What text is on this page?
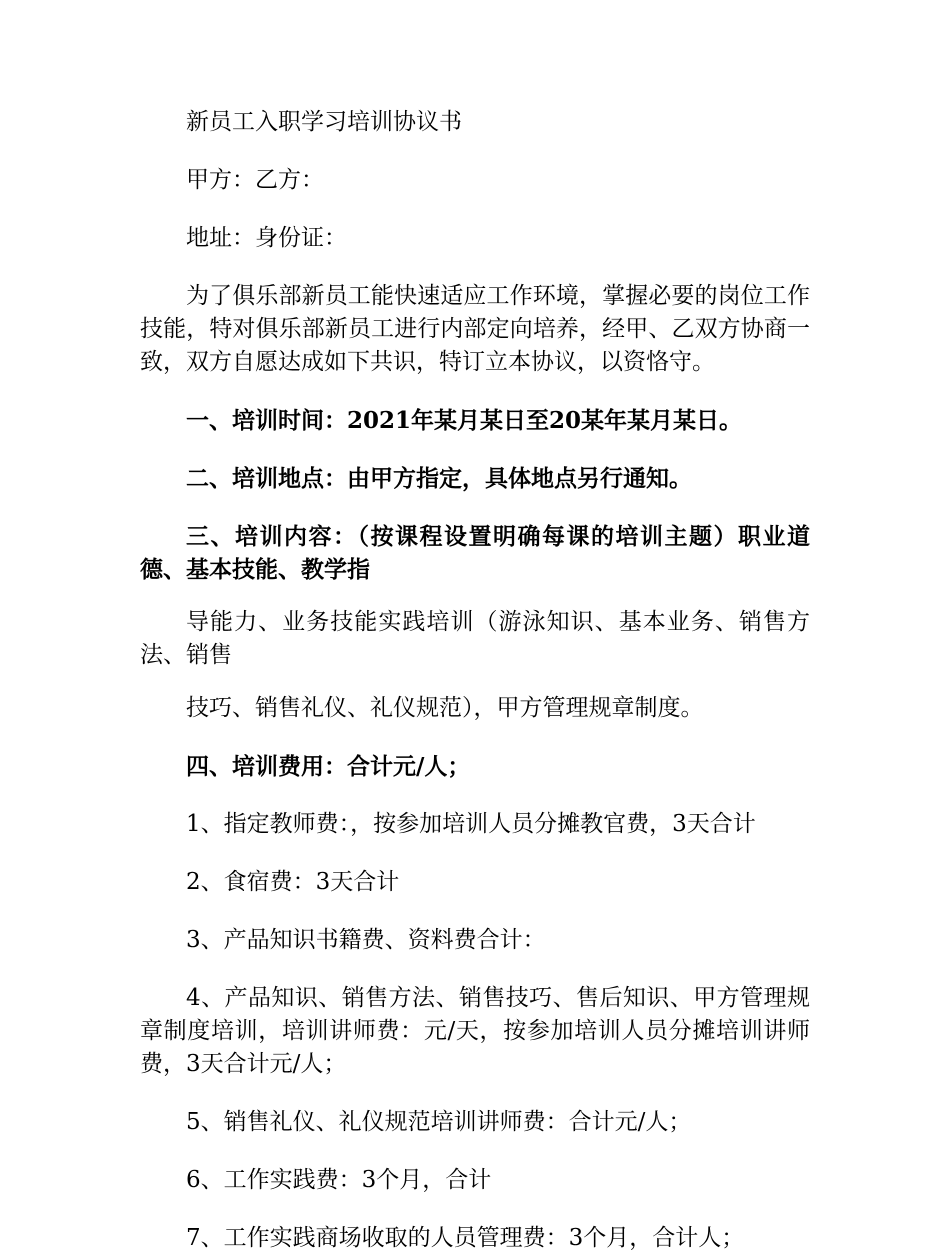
新员工入职学习培训协议书

甲方：乙方：

地址：身份证：

为了俱乐部新员工能快速适应工作环境，掌握必要的岗位工作技能，特对俱乐部新员工进行内部定向培养，经甲、乙双方协商一致，双方自愿达成如下共识，特订立本协议，以资恪守。

一、培训时间：2021年某月某日至20某年某月某日。

二、培训地点：由甲方指定，具体地点另行通知。

三、培训内容：（按课程设置明确每课的培训主题）职业道德、基本技能、教学指

导能力、业务技能实践培训（游泳知识、基本业务、销售方法、销售

技巧、销售礼仪、礼仪规范），甲方管理规章制度。

四、培训费用：合计元/人；

1、指定教师费：，按参加培训人员分摊教官费，3天合计

2、食宿费：3天合计

3、产品知识书籍费、资料费合计：

4、产品知识、销售方法、销售技巧、售后知识、甲方管理规章制度培训，培训讲师费：元/天，按参加培训人员分摊培训讲师费，3天合计元/人；

5、销售礼仪、礼仪规范培训讲师费：合计元/人；

6、工作实践费：3个月，合计

7、工作实践商场收取的人员管理费：3个月，合计人；
